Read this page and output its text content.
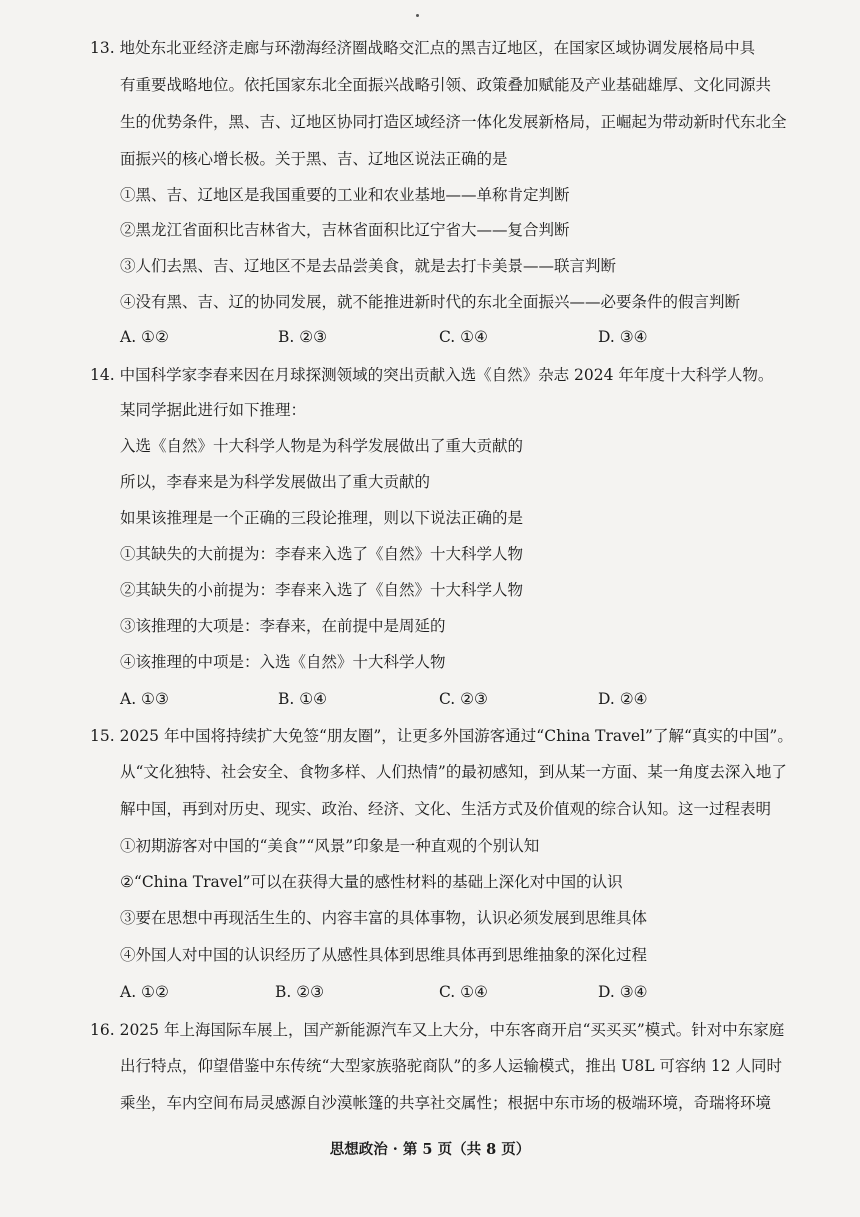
13. 地处东北亚经济走廊与环渤海经济圈战略交汇点的黑吉辽地区，在国家区域协调发展格局中具
有重要战略地位。依托国家东北全面振兴战略引领、政策叠加赋能及产业基础雄厚、文化同源共
生的优势条件，黑、吉、辽地区协同打造区域经济一体化发展新格局，正崛起为带动新时代东北全
面振兴的核心增长极。关于黑、吉、辽地区说法正确的是
①黑、吉、辽地区是我国重要的工业和农业基地——单称肯定判断
②黑龙江省面积比吉林省大，吉林省面积比辽宁省大——复合判断
③人们去黑、吉、辽地区不是去品尝美食，就是去打卡美景——联言判断
④没有黑、吉、辽的协同发展，就不能推进新时代的东北全面振兴——必要条件的假言判断
A. ①②	B. ②③	C. ①④	D. ③④
14. 中国科学家李春来因在月球探测领域的突出贡献入选《自然》杂志 2024 年年度十大科学人物。
某同学据此进行如下推理：
入选《自然》十大科学人物是为科学发展做出了重大贡献的
所以，李春来是为科学发展做出了重大贡献的
如果该推理是一个正确的三段论推理，则以下说法正确的是
①其缺失的大前提为：李春来入选了《自然》十大科学人物
②其缺失的小前提为：李春来入选了《自然》十大科学人物
③该推理的大项是：李春来，在前提中是周延的
④该推理的中项是：入选《自然》十大科学人物
A. ①③	B. ①④	C. ②③	D. ②④
15. 2025 年中国将持续扩大免签“朋友圈”，让更多外国游客通过“China Travel”了解“真实的中国”。
从“文化独特、社会安全、食物多样、人们热情”的最初感知，到从某一方面、某一角度去深入地了
解中国，再到对历史、现实、政治、经济、文化、生活方式及价值观的综合认知。这一过程表明
①初期游客对中国的“美食”“风景”印象是一种直观的个别认知
②“China Travel”可以在获得大量的感性材料的基础上深化对中国的认识
③要在思想中再现活生生的、内容丰富的具体事物，认识必须发展到思维具体
④外国人对中国的认识经历了从感性具体到思维具体再到思维抽象的深化过程
A. ①②	B. ②③	C. ①④	D. ③④
16. 2025 年上海国际车展上，国产新能源汽车又上大分，中东客商开启“买买买”模式。针对中东家庭
出行特点，仰望借鉴中东传统“大型家族骆驼商队”的多人运输模式，推出 U8L 可容纳 12 人同时
乘坐，车内空间布局灵感源自沙漠帐篷的共享社交属性；根据中东市场的极端环境，奇瑞将环境
思想政治 · 第 5 页（共 8 页）
